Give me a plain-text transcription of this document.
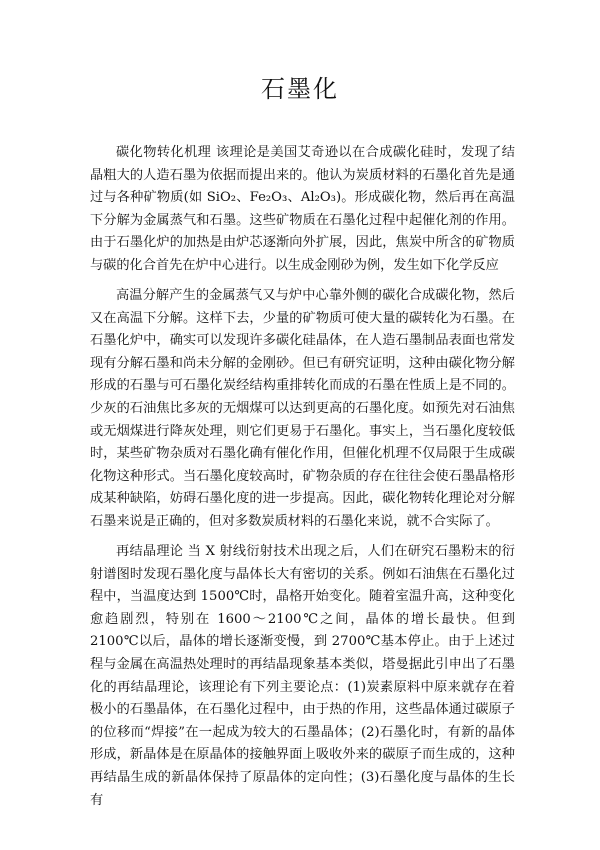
石墨化

碳化物转化机理 该理论是美国艾奇逊以在合成碳化硅时，发现了结晶粗大的人造石墨为依据而提出来的。他认为炭质材料的石墨化首先是通过与各种矿物质(如 SiO₂、Fe₂O₃、Al₂O₃)。形成碳化物，然后再在高温下分解为金属蒸气和石墨。这些矿物质在石墨化过程中起催化剂的作用。由于石墨化炉的加热是由炉芯逐渐向外扩展，因此，焦炭中所含的矿物质与碳的化合首先在炉中心进行。以生成金刚砂为例，发生如下化学反应

高温分解产生的金属蒸气又与炉中心靠外侧的碳化合成碳化物，然后又在高温下分解。这样下去，少量的矿物质可使大量的碳转化为石墨。在石墨化炉中，确实可以发现许多碳化硅晶体，在人造石墨制品表面也常发现有分解石墨和尚未分解的金刚砂。但已有研究证明，这种由碳化物分解形成的石墨与可石墨化炭经结构重排转化而成的石墨在性质上是不同的。少灰的石油焦比多灰的无烟煤可以达到更高的石墨化度。如预先对石油焦或无烟煤进行降灰处理，则它们更易于石墨化。事实上，当石墨化度较低时，某些矿物杂质对石墨化确有催化作用，但催化机理不仅局限于生成碳化物这种形式。当石墨化度较高时，矿物杂质的存在往往会使石墨晶格形成某种缺陷，妨碍石墨化度的进一步提高。因此，碳化物转化理论对分解石墨来说是正确的，但对多数炭质材料的石墨化来说，就不合实际了。

再结晶理论 当 X 射线衍射技术出现之后，人们在研究石墨粉末的衍射谱图时发现石墨化度与晶体长大有密切的关系。例如石油焦在石墨化过程中，当温度达到 1500℃时，晶格开始变化。随着室温升高，这种变化愈趋剧烈，特别在 1600～2100℃之间，晶体的增长最快。但到 2100℃以后，晶体的增长逐渐变慢，到 2700℃基本停止。由于上述过程与金属在高温热处理时的再结晶现象基本类似，塔曼据此引申出了石墨化的再结晶理论，该理论有下列主要论点：(1)炭素原料中原来就存在着极小的石墨晶体，在石墨化过程中，由于热的作用，这些晶体通过碳原子的位移而“焊接”在一起成为较大的石墨晶体；(2)石墨化时，有新的晶体形成，新晶体是在原晶体的接触界面上吸收外来的碳原子而生成的，这种再结晶生成的新晶体保持了原晶体的定向性；(3)石墨化度与晶体的生长有
